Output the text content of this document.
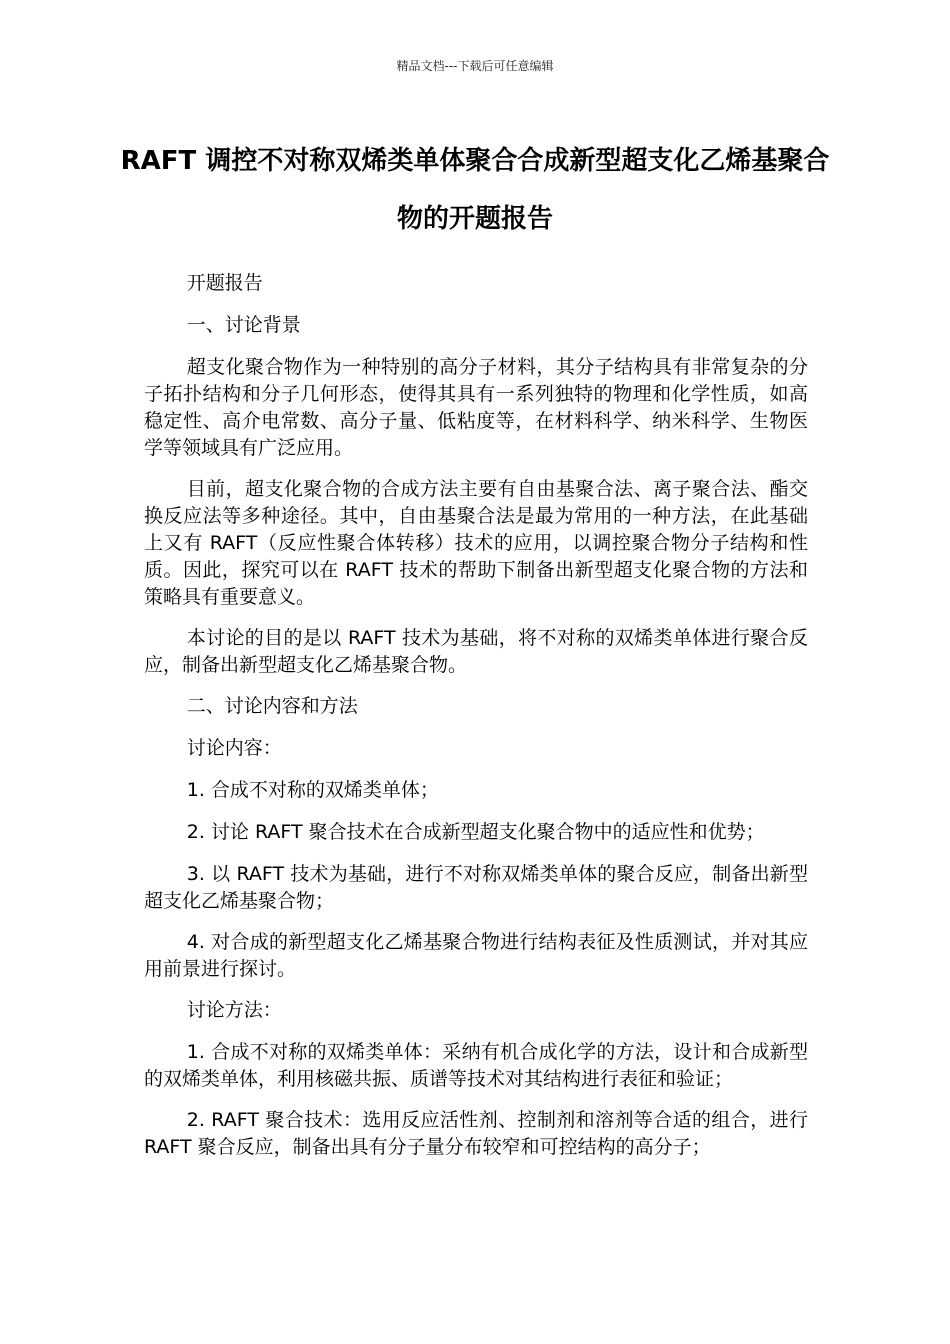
精品文档---下载后可任意编辑
RAFT 调控不对称双烯类单体聚合合成新型超支化乙烯基聚合物的开题报告

开题报告

一、讨论背景

超支化聚合物作为一种特别的高分子材料，其分子结构具有非常复杂的分子拓扑结构和分子几何形态，使得其具有一系列独特的物理和化学性质，如高稳定性、高介电常数、高分子量、低粘度等，在材料科学、纳米科学、生物医学等领域具有广泛应用。

目前，超支化聚合物的合成方法主要有自由基聚合法、离子聚合法、酯交换反应法等多种途径。其中，自由基聚合法是最为常用的一种方法，在此基础上又有 RAFT（反应性聚合体转移）技术的应用，以调控聚合物分子结构和性质。因此，探究可以在 RAFT 技术的帮助下制备出新型超支化聚合物的方法和策略具有重要意义。

本讨论的目的是以 RAFT 技术为基础，将不对称的双烯类单体进行聚合反应，制备出新型超支化乙烯基聚合物。

二、讨论内容和方法

讨论内容：

1. 合成不对称的双烯类单体；

2. 讨论 RAFT 聚合技术在合成新型超支化聚合物中的适应性和优势；

3. 以 RAFT 技术为基础，进行不对称双烯类单体的聚合反应，制备出新型超支化乙烯基聚合物；

4. 对合成的新型超支化乙烯基聚合物进行结构表征及性质测试，并对其应用前景进行探讨。

讨论方法：

1. 合成不对称的双烯类单体：采纳有机合成化学的方法，设计和合成新型的双烯类单体，利用核磁共振、质谱等技术对其结构进行表征和验证；

2. RAFT 聚合技术：选用反应活性剂、控制剂和溶剂等合适的组合，进行 RAFT 聚合反应，制备出具有分子量分布较窄和可控结构的高分子；
